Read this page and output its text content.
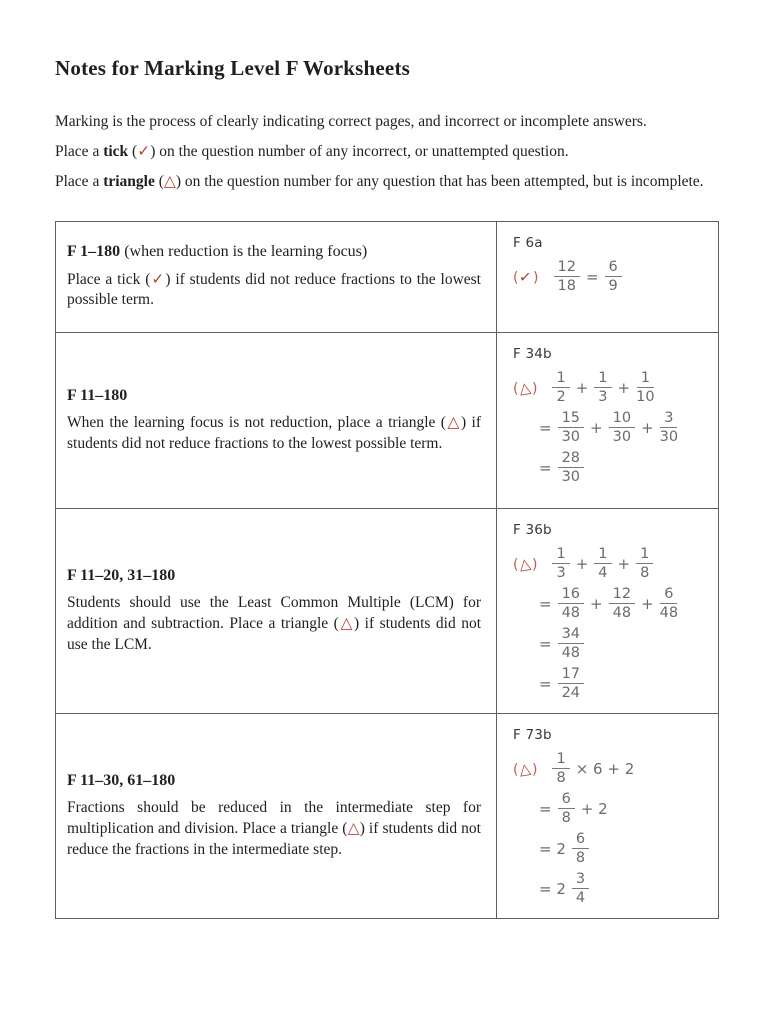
Notes for Marking Level F Worksheets

Marking is the process of clearly indicating correct pages, and incorrect or incomplete answers.

Place a tick (✓) on the question number of any incorrect, or unattempted question.

Place a triangle (△) on the question number for any question that has been attempted, but is incomplete.

F 1–180 (when reduction is the learning focus)

Place a tick (✓) if students did not reduce fractions to the lowest possible term.

F 6a
(✓) $\frac{12}{18} = \frac{6}{9}$

F 11–180

When the learning focus is not reduction, place a triangle (△) if students did not reduce fractions to the lowest possible term.

F 34b
(△) $\frac{1}{2} + \frac{1}{3} + \frac{1}{10}$
= $\frac{15}{30} + \frac{10}{30} + \frac{3}{30}$
= $\frac{28}{30}$

F 11–20, 31–180

Students should use the Least Common Multiple (LCM) for addition and subtraction. Place a triangle (△) if students did not use the LCM.

F 36b
(△) $\frac{1}{3} + \frac{1}{4} + \frac{1}{8}$
= $\frac{16}{48} + \frac{12}{48} + \frac{6}{48}$
= $\frac{34}{48}$
= $\frac{17}{24}$

F 11–30, 61–180

Fractions should be reduced in the intermediate step for multiplication and division. Place a triangle (△) if students did not reduce the fractions in the intermediate step.

F 73b
(△) $\frac{1}{8} \times 6 + 2$
= $\frac{6}{8} + 2$
= $2 \frac{6}{8}$
= $2 \frac{3}{4}$
